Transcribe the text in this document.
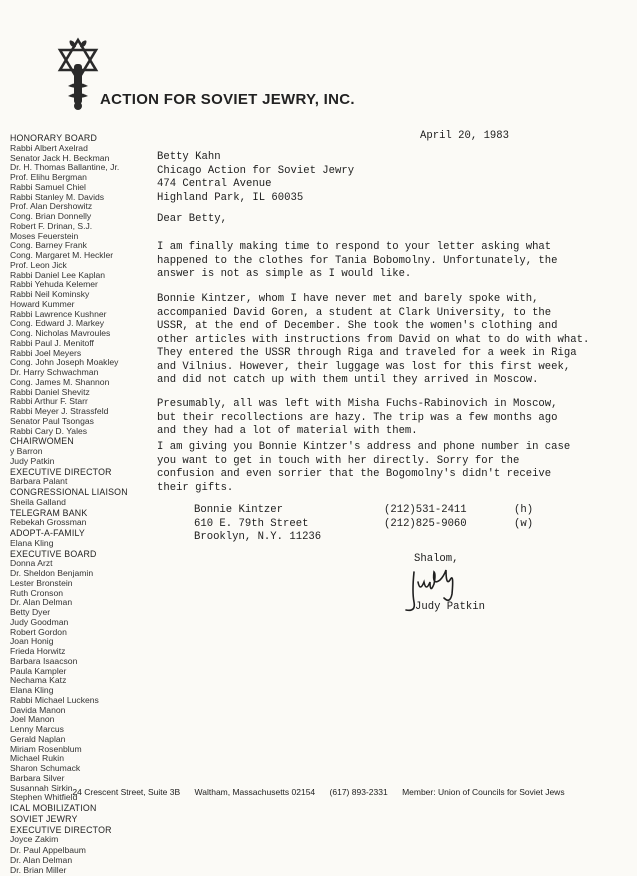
ACTION FOR SOVIET JEWRY, INC.
HONORARY BOARD
Rabbi Albert Axelrad
Senator Jack H. Beckman
Dr. H. Thomas Ballantine, Jr.
Prof. Elihu Bergman
Rabbi Samuel Chiel
Rabbi Stanley M. Davids
Prof. Alan Dershowitz
Cong. Brian Donnelly
Robert F. Drinan, S.J.
Moses Feuerstein
Cong. Barney Frank
Cong. Margaret M. Heckler
Prof. Leon Jick
Rabbi Daniel Lee Kaplan
Rabbi Yehuda Kelemer
Rabbi Neil Kominsky
Howard Kummer
Rabbi Lawrence Kushner
Cong. Edward J. Markey
Cong. Nicholas Mavroules
Rabbi Paul J. Menitoff
Rabbi Joel Meyers
Cong. John Joseph Moakley
Dr. Harry Schwachman
Cong. James M. Shannon
Rabbi Daniel Shevitz
Rabbi Arthur F. Starr
Rabbi Meyer J. Strassfeld
Senator Paul Tsongas
Rabbi Cary D. Yales
CHAIRWOMEN
y Barron
Judy Patkin
EXECUTIVE DIRECTOR
Barbara Palant
CONGRESSIONAL LIAISON
Sheila Galland
TELEGRAM BANK
Rebekah Grossman
ADOPT-A-FAMILY
Elana Kling
EXECUTIVE BOARD
Donna Arzt
Dr. Sheldon Benjamin
Lester Bronstein
Ruth Cronson
Dr. Alan Delman
Betty Dyer
Judy Goodman
Robert Gordon
Joan Honig
Frieda Horwitz
Barbara Isaacson
Paula Kampler
Nechama Katz
Elana Kling
Rabbi Michael Luckens
Davida Manon
Joel Manon
Lenny Marcus
Gerald Naplan
Miriam Rosenblum
Michael Rukin
Sharon Schumack
Barbara Silver
Susannah Sirkin
Stephen Whitfield
ICAL MOBILIZATION
SOVIET JEWRY
EXECUTIVE DIRECTOR
Joyce Zakim
Dr. Paul Appelbaum
Dr. Alan Delman
Dr. Brian Miller
April 20, 1983
Betty Kahn
Chicago Action for Soviet Jewry
474 Central Avenue
Highland Park, IL 60035
Dear Betty,
I am finally making time to respond to your letter asking what
happened to the clothes for Tania Bobomolny. Unfortunately, the
answer is not as simple as I would like.
Bonnie Kintzer, whom I have never met and barely spoke with,
accompanied David Goren, a student at Clark University, to the
USSR, at the end of December. She took the women's clothing and
other articles with instructions from David on what to do with what.
They entered the USSR through Riga and traveled for a week in Riga
and Vilnius. However, their luggage was lost for this first week,
and did not catch up with them until they arrived in Moscow.
Presumably, all was left with Misha Fuchs-Rabinovich in Moscow,
but their recollections are hazy. The trip was a few months ago
and they had a lot of material with them.
I am giving you Bonnie Kintzer's address and phone number in case
you want to get in touch with her directly. Sorry for the
confusion and even sorrier that the Bogomolny's didn't receive
their gifts.
Bonnie Kintzer	(212)531-2411	(h)
610 E. 79th Street	(212)825-9060	(w)
Brooklyn, N.Y. 11236
Shalom,
Judy Patkin
24 Crescent Street, Suite 3B Waltham, Massachusetts 02154 (617) 893-2331 Member: Union of Councils for Soviet Jews
